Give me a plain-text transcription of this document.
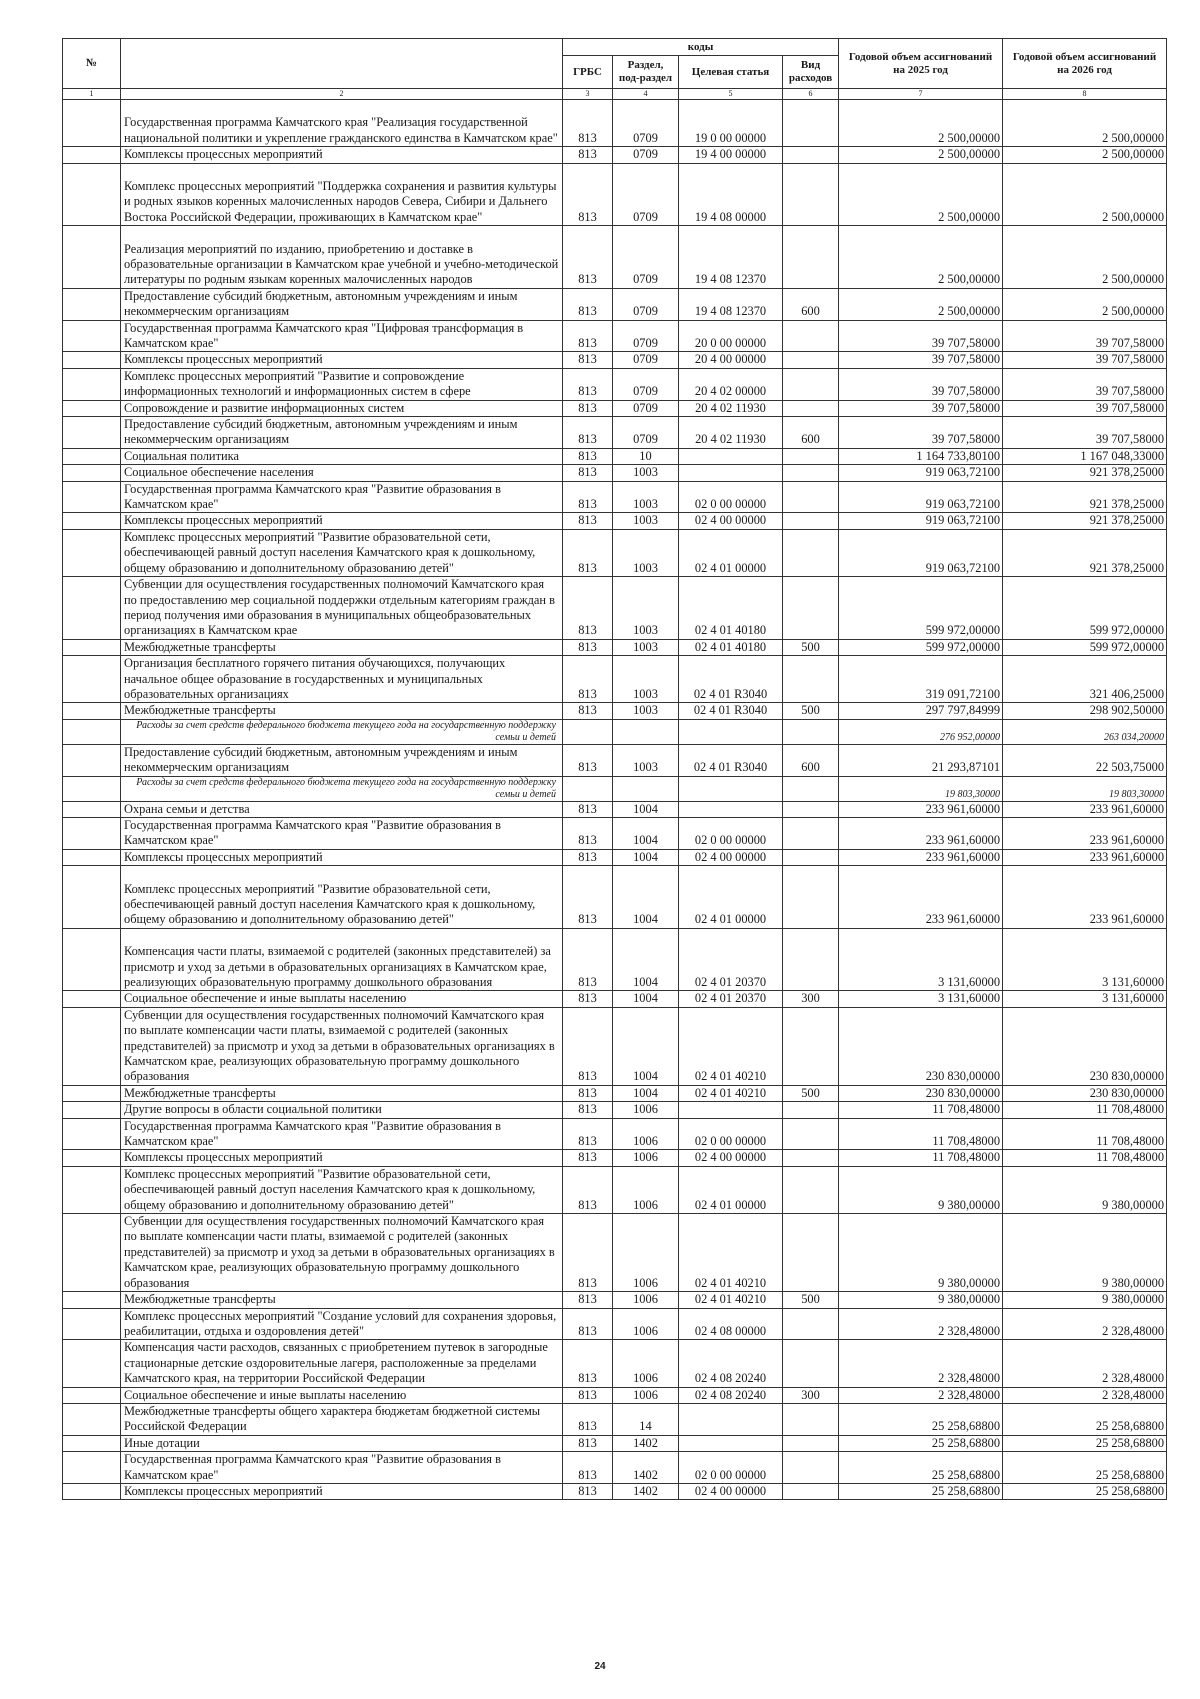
№		коды				Годовой объем ассигнований на 2025 год	Годовой объем ассигнований на 2026 год
		ГРБС	Раздел, под-раздел	Целевая статья	Вид расходов		
1	2	3	4	5	6	7	8
	Государственная программа Камчатского края "Реализация государственной национальной политики и укрепление гражданского единства в Камчатском крае"	813	0709	19 0 00 00000		2 500,00000	2 500,00000
	Комплексы процессных мероприятий	813	0709	19 4 00 00000		2 500,00000	2 500,00000
	Комплекс процессных мероприятий "Поддержка сохранения и развития культуры и родных языков коренных малочисленных народов Севера, Сибири и Дальнего Востока Российской Федерации, проживающих в Камчатском крае"	813	0709	19 4 08 00000		2 500,00000	2 500,00000
	Реализация мероприятий по изданию, приобретению и доставке в образовательные организации в Камчатском крае учебной и учебно-методической литературы по родным языкам коренных малочисленных народов	813	0709	19 4 08 12370		2 500,00000	2 500,00000
	Предоставление субсидий бюджетным, автономным учреждениям и иным некоммерческим организациям	813	0709	19 4 08 12370	600	2 500,00000	2 500,00000
	Государственная программа Камчатского края "Цифровая трансформация в Камчатском крае"	813	0709	20 0 00 00000		39 707,58000	39 707,58000
	Комплексы процессных мероприятий	813	0709	20 4 00 00000		39 707,58000	39 707,58000
	Комплекс процессных мероприятий "Развитие и сопровождение информационных технологий и информационных систем в сфере	813	0709	20 4 02 00000		39 707,58000	39 707,58000
	Сопровождение и развитие информационных систем	813	0709	20 4 02 11930		39 707,58000	39 707,58000
	Предоставление субсидий бюджетным, автономным учреждениям и иным некоммерческим организациям	813	0709	20 4 02 11930	600	39 707,58000	39 707,58000
	Социальная политика	813	10			1 164 733,80100	1 167 048,33000
	Социальное обеспечение населения	813	1003			919 063,72100	921 378,25000
	Государственная программа Камчатского края "Развитие образования в Камчатском крае"	813	1003	02 0 00 00000		919 063,72100	921 378,25000
	Комплексы процессных мероприятий	813	1003	02 4 00 00000		919 063,72100	921 378,25000
	Комплекс процессных мероприятий "Развитие образовательной сети, обеспечивающей равный доступ населения Камчатского края к дошкольному, общему образованию и дополнительному образованию детей"	813	1003	02 4 01 00000		919 063,72100	921 378,25000
	Субвенции для осуществления государственных полномочий Камчатского края по предоставлению мер социальной поддержки отдельным категориям граждан в период получения ими образования в муниципальных общеобразовательных организациях в Камчатском крае	813	1003	02 4 01 40180		599 972,00000	599 972,00000
	Межбюджетные трансферты	813	1003	02 4 01 40180	500	599 972,00000	599 972,00000
	Организация бесплатного горячего питания обучающихся, получающих начальное общее образование в государственных и муниципальных образовательных организациях	813	1003	02 4 01 R3040		319 091,72100	321 406,25000
	Межбюджетные трансферты	813	1003	02 4 01 R3040	500	297 797,84999	298 902,50000
	Расходы за счет средств федерального бюджета текущего года на государственную поддержку семьи и детей					276 952,00000	263 034,20000
	Предоставление субсидий бюджетным, автономным учреждениям и иным некоммерческим организациям	813	1003	02 4 01 R3040	600	21 293,87101	22 503,75000
	Расходы за счет средств федерального бюджета текущего года на государственную поддержку семьи и детей					19 803,30000	19 803,30000
	Охрана семьи и детства	813	1004			233 961,60000	233 961,60000
	Государственная программа Камчатского края "Развитие образования в Камчатском крае"	813	1004	02 0 00 00000		233 961,60000	233 961,60000
	Комплексы процессных мероприятий	813	1004	02 4 00 00000		233 961,60000	233 961,60000
	Комплекс процессных мероприятий "Развитие образовательной сети, обеспечивающей равный доступ населения Камчатского края к дошкольному, общему образованию и дополнительному образованию детей"	813	1004	02 4 01 00000		233 961,60000	233 961,60000
	Компенсация части платы, взимаемой с родителей (законных представителей) за присмотр и уход за детьми в образовательных организациях в Камчатском крае, реализующих образовательную программу дошкольного образования	813	1004	02 4 01 20370		3 131,60000	3 131,60000
	Социальное обеспечение и иные выплаты населению	813	1004	02 4 01 20370	300	3 131,60000	3 131,60000
	Субвенции для осуществления государственных полномочий Камчатского края по выплате компенсации части платы, взимаемой с родителей (законных представителей) за присмотр и уход за детьми в образовательных организациях в Камчатском крае, реализующих образовательную программу дошкольного образования	813	1004	02 4 01 40210		230 830,00000	230 830,00000
	Межбюджетные трансферты	813	1004	02 4 01 40210	500	230 830,00000	230 830,00000
	Другие вопросы в области социальной политики	813	1006			11 708,48000	11 708,48000
	Государственная программа Камчатского края "Развитие образования в Камчатском крае"	813	1006	02 0 00 00000		11 708,48000	11 708,48000
	Комплексы процессных мероприятий	813	1006	02 4 00 00000		11 708,48000	11 708,48000
	Комплекс процессных мероприятий "Развитие образовательной сети, обеспечивающей равный доступ населения Камчатского края к дошкольному, общему образованию и дополнительному образованию детей"	813	1006	02 4 01 00000		9 380,00000	9 380,00000
	Субвенции для осуществления государственных полномочий Камчатского края по выплате компенсации части платы, взимаемой с родителей (законных представителей) за присмотр и уход за детьми в образовательных организациях в Камчатском крае, реализующих образовательную программу дошкольного образования	813	1006	02 4 01 40210		9 380,00000	9 380,00000
	Межбюджетные трансферты	813	1006	02 4 01 40210	500	9 380,00000	9 380,00000
	Комплекс процессных мероприятий "Создание условий для сохранения здоровья, реабилитации, отдыха и оздоровления детей"	813	1006	02 4 08 00000		2 328,48000	2 328,48000
	Компенсация части расходов, связанных с приобретением путевок в загородные стационарные детские оздоровительные лагеря, расположенные за пределами Камчатского края, на территории Российской Федерации	813	1006	02 4 08 20240		2 328,48000	2 328,48000
	Социальное обеспечение и иные выплаты населению	813	1006	02 4 08 20240	300	2 328,48000	2 328,48000
	Межбюджетные трансферты общего характера бюджетам бюджетной системы Российской Федерации	813	14			25 258,68800	25 258,68800
	Иные дотации	813	1402			25 258,68800	25 258,68800
	Государственная программа Камчатского края "Развитие образования в Камчатском крае"	813	1402	02 0 00 00000		25 258,68800	25 258,68800
	Комплексы процессных мероприятий	813	1402	02 4 00 00000		25 258,68800	25 258,68800
24
